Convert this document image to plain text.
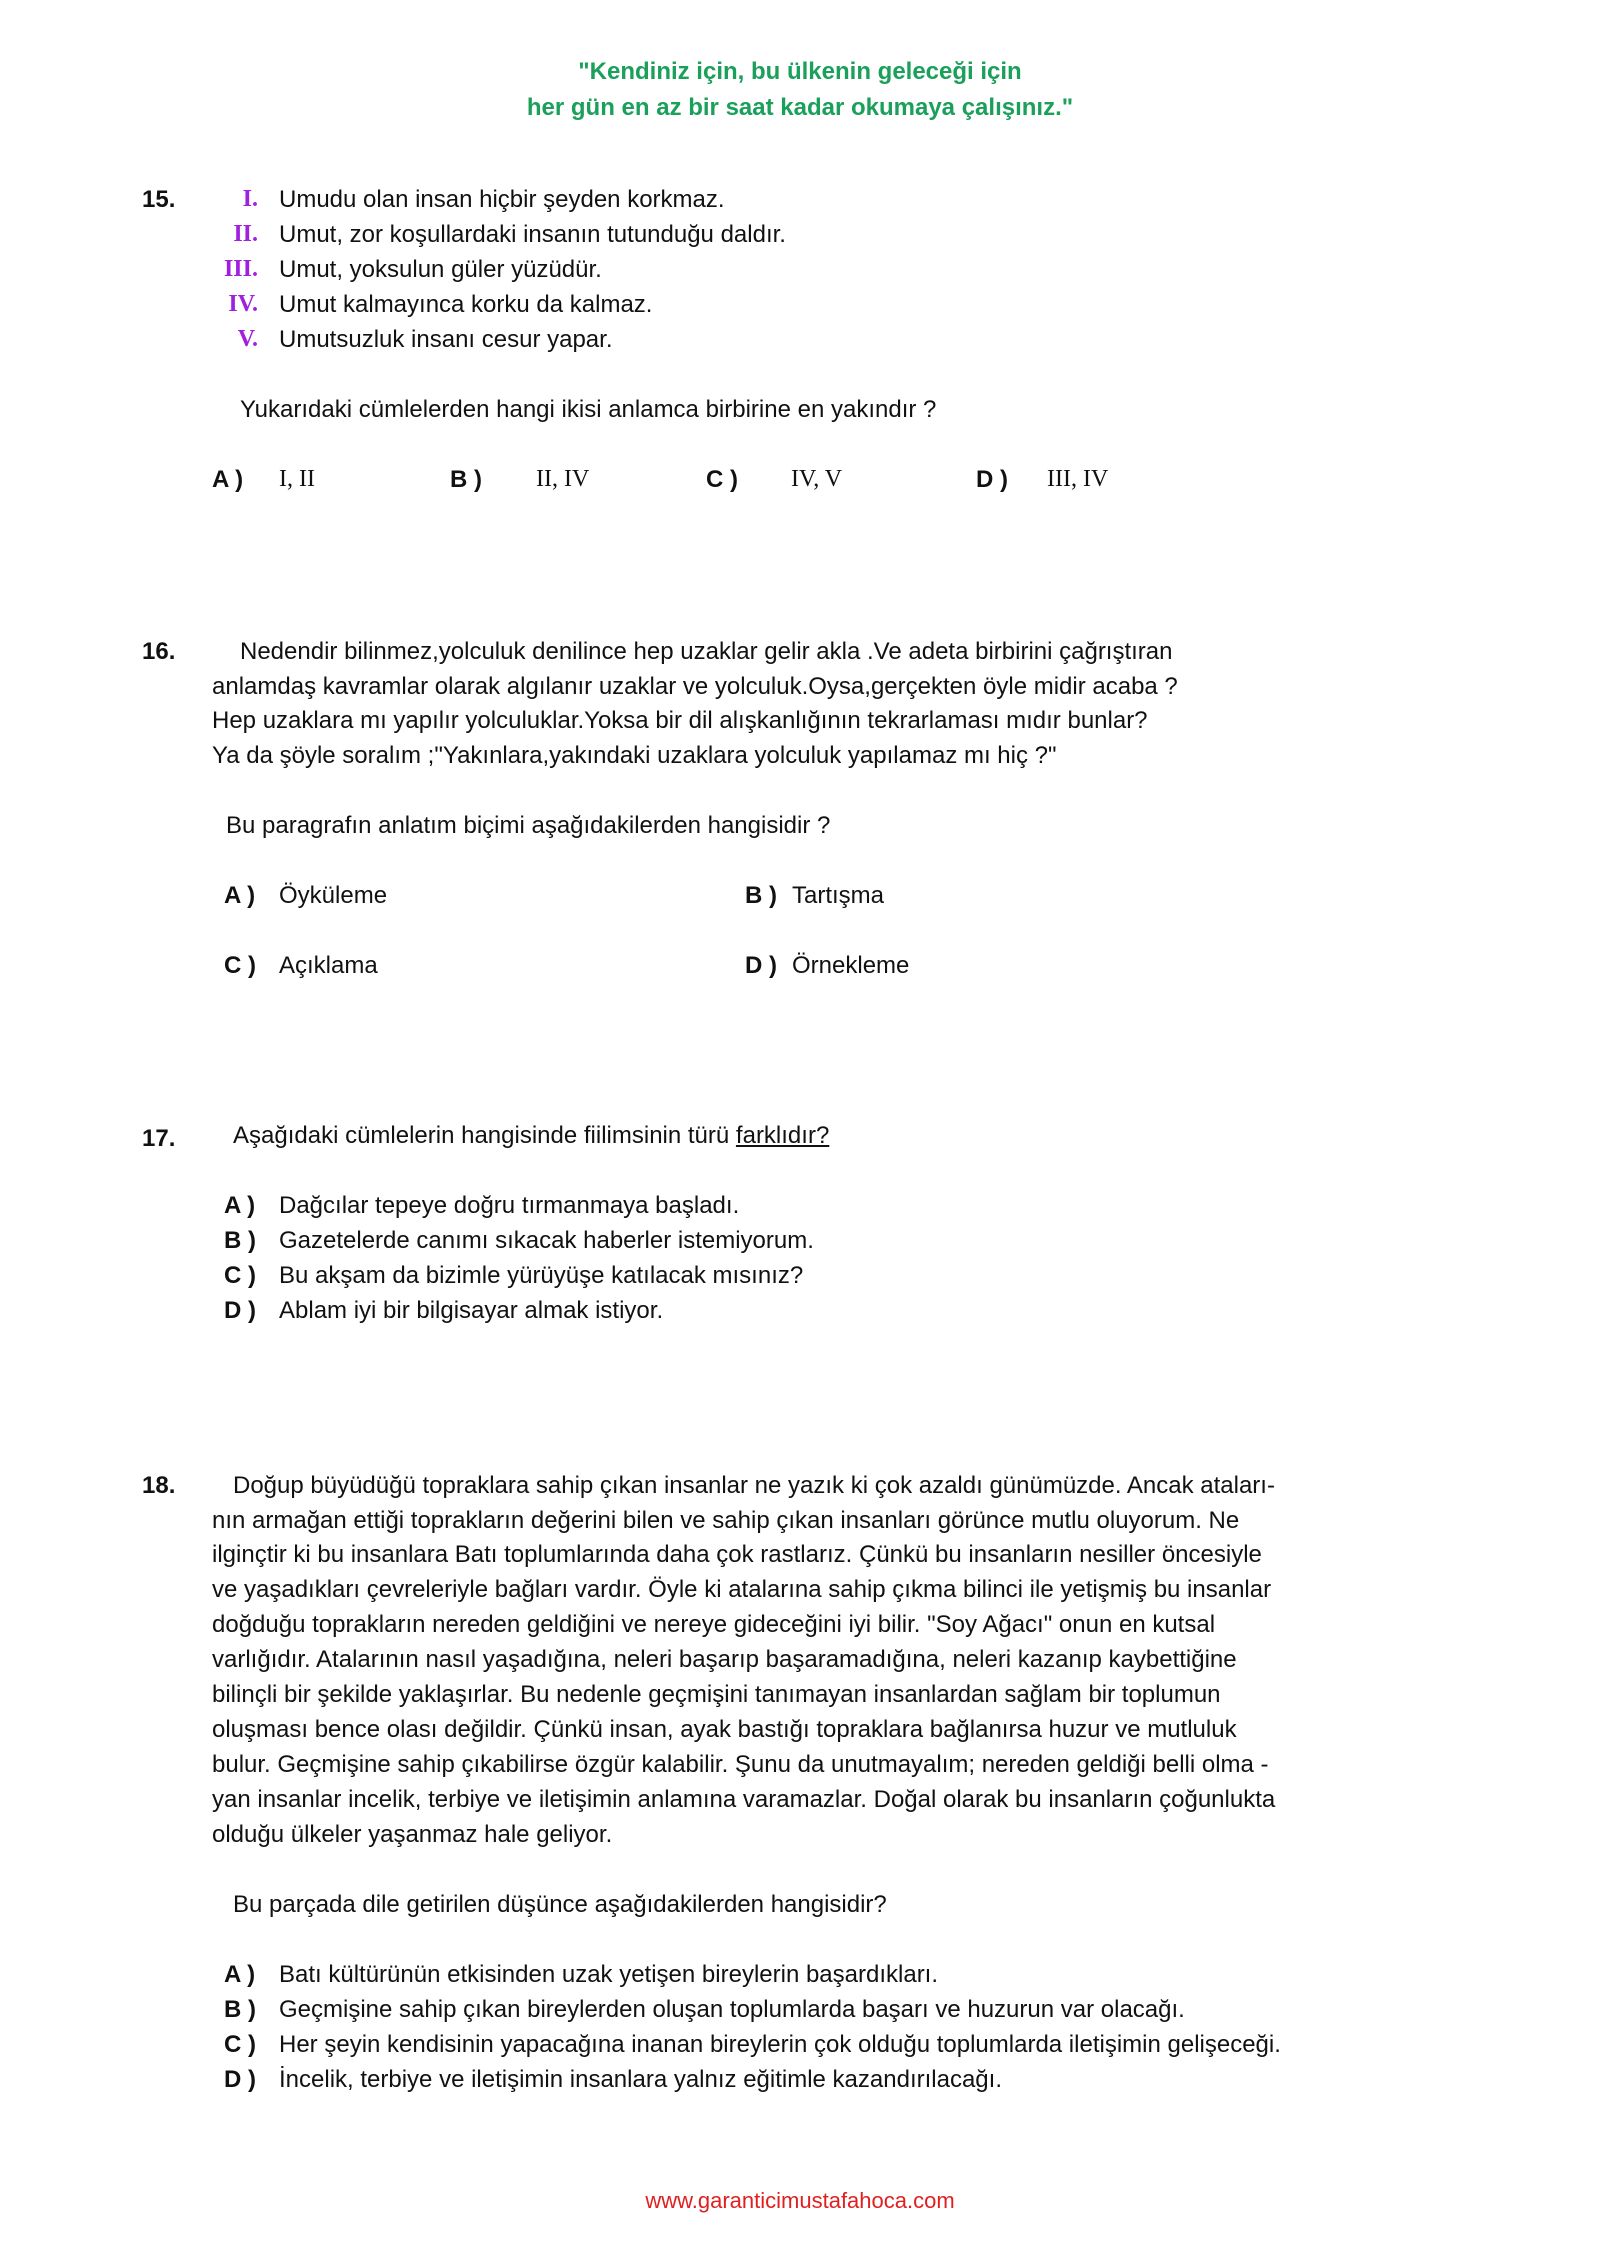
"Kendiniz için, bu ülkenin geleceği için
her gün en az bir saat kadar okumaya çalışınız."
15.	I. Umudu olan insan hiçbir şeyden korkmaz.
II. Umut, zor koşullardaki insanın tutunduğu daldır.
III. Umut, yoksulun güler yüzüdür.
IV. Umut kalmayınca korku da kalmaz.
V. Umutsuzluk insanı cesur yapar.
Yukarıdaki cümlelerden hangi ikisi anlamca birbirine en yakındır ?
A ) I, II	B ) II, IV	C ) IV, V	D ) III, IV
16.	Nedendir bilinmez,yolculuk denilince hep uzaklar gelir akla .Ve adeta birbirini çağrıştıran
anlamdaş kavramlar olarak algılanır uzaklar ve yolculuk.Oysa,gerçekten öyle midir acaba ?
Hep uzaklara mı yapılır yolculuklar.Yoksa bir dil alışkanlığının tekrarlaması mıdır bunlar?
Ya da şöyle soralım ;"Yakınlara,yakındaki uzaklara yolculuk yapılamaz mı hiç ?"
Bu paragrafın anlatım biçimi aşağıdakilerden hangisidir ?
A ) Öyküleme	B ) Tartışma
C ) Açıklama	D ) Örnekleme
17. Aşağıdaki cümlelerin hangisinde fiilimsinin türü farklıdır?
A ) Dağcılar tepeye doğru tırmanmaya başladı.
B ) Gazetelerde canımı sıkacak haberler istemiyorum.
C ) Bu akşam da bizimle yürüyüşe katılacak mısınız?
D ) Ablam iyi bir bilgisayar almak istiyor.
18. Doğup büyüdüğü topraklara sahip çıkan insanlar ne yazık ki çok azaldı günümüzde. Ancak ataları-
nın armağan ettiği toprakların değerini bilen ve sahip çıkan insanları görünce mutlu oluyorum. Ne
ilginçtir ki bu insanlara Batı toplumlarında daha çok rastlarız. Çünkü bu insanların nesiller öncesiyle
ve yaşadıkları çevreleriyle bağları vardır. Öyle ki atalarına sahip çıkma bilinci ile yetişmiş bu insanlar
doğduğu toprakların nereden geldiğini ve nereye gideceğini iyi bilir. "Soy Ağacı" onun en kutsal
varlığıdır. Atalarının nasıl yaşadığına, neleri başarıp başaramadığına, neleri kazanıp kaybettiğine
bilinçli bir şekilde yaklaşırlar. Bu nedenle geçmişini tanımayan insanlardan sağlam bir toplumun
oluşması bence olası değildir. Çünkü insan, ayak bastığı topraklara bağlanırsa huzur ve mutluluk
bulur. Geçmişine sahip çıkabilirse özgür kalabilir. Şunu da unutmayalım; nereden geldiği belli olma -
yan insanlar incelik, terbiye ve iletişimin anlamına varamazlar. Doğal olarak bu insanların çoğunlukta
olduğu ülkeler yaşanmaz hale geliyor.
Bu parçada dile getirilen düşünce aşağıdakilerden hangisidir?
A ) Batı kültürünün etkisinden uzak yetişen bireylerin başardıkları.
B ) Geçmişine sahip çıkan bireylerden oluşan toplumlarda başarı ve huzurun var olacağı.
C ) Her şeyin kendisinin yapacağına inanan bireylerin çok olduğu toplumlarda iletişimin gelişeceği.
D ) İncelik, terbiye ve iletişimin insanlara yalnız eğitimle kazandırılacağı.
www.garanticimustafahoca.com
